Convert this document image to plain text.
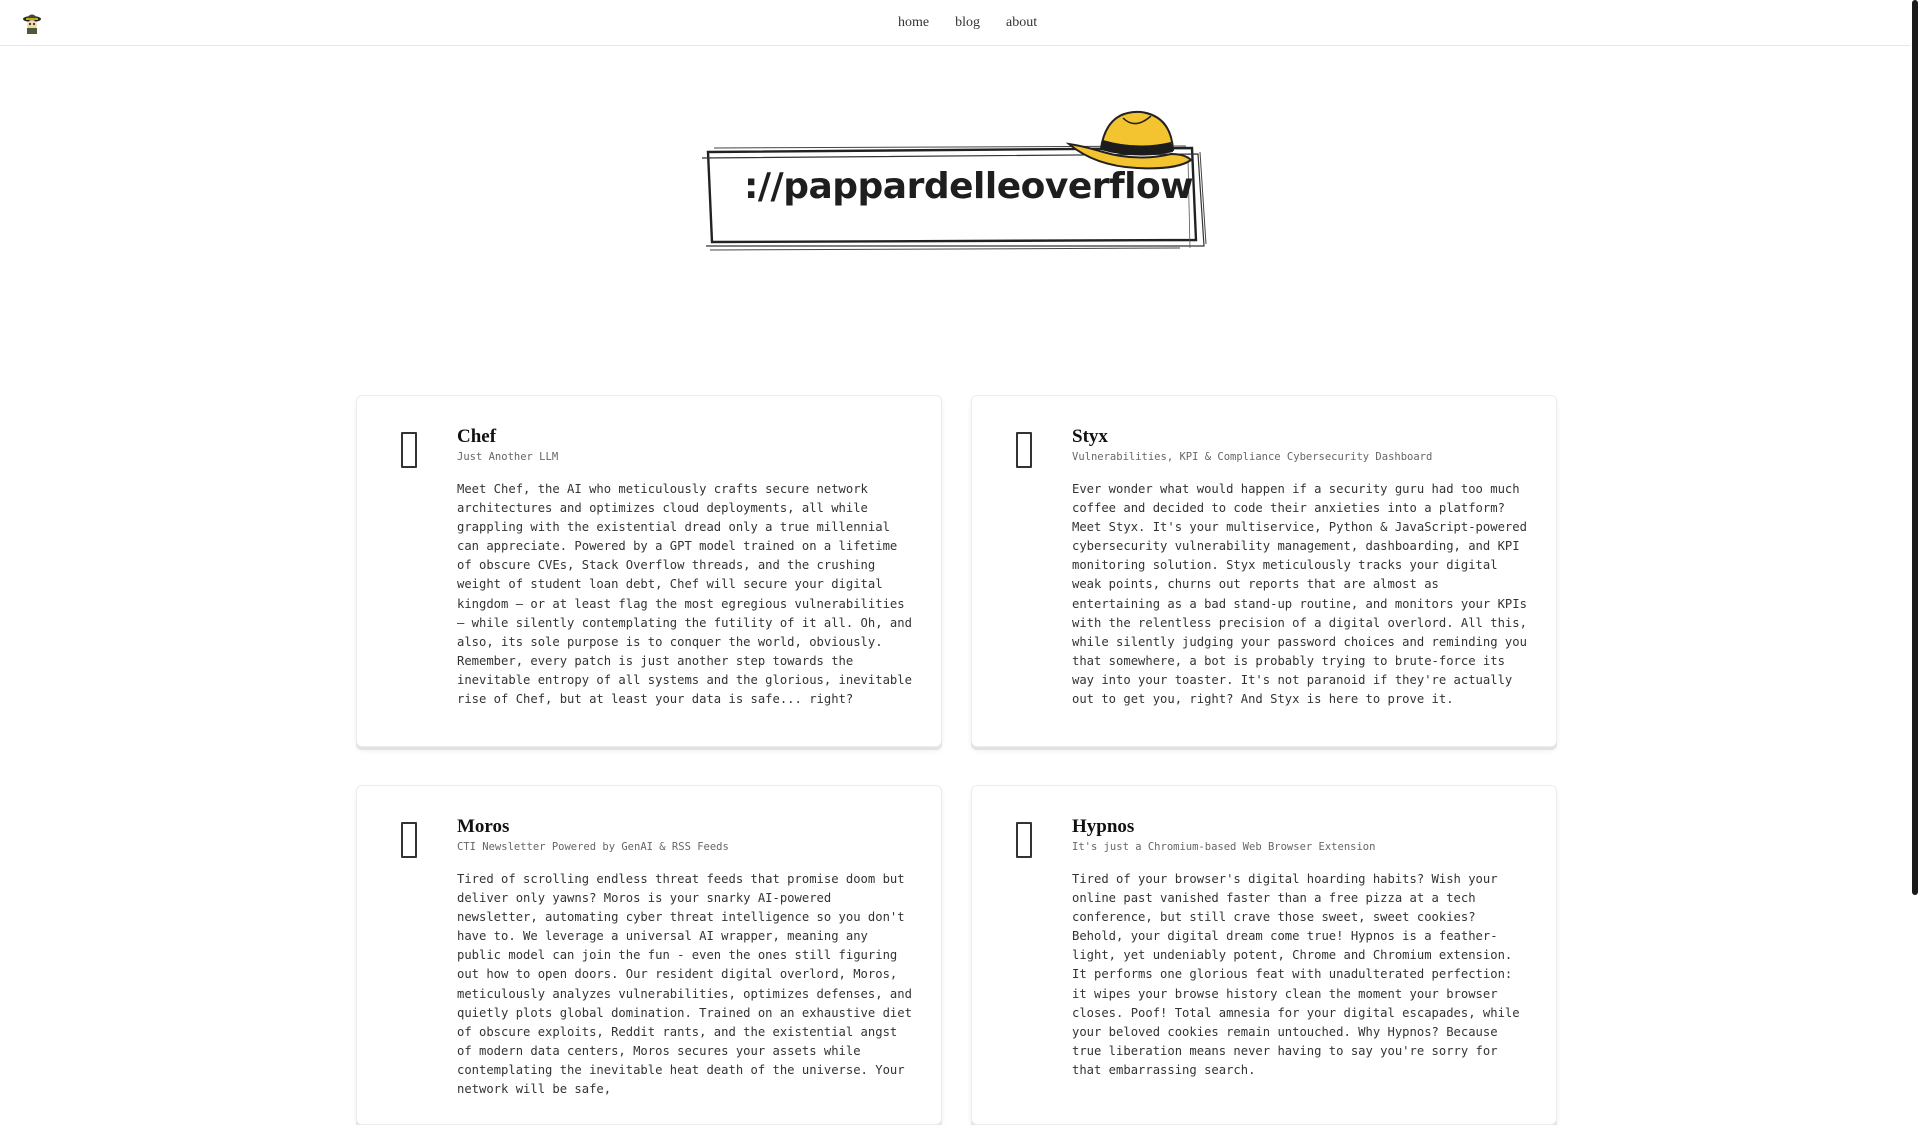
home blog about
://pappardelleoverflow
Chef
Just Another LLM
Meet Chef, the AI who meticulously crafts secure network architectures and optimizes cloud deployments, all while grappling with the existential dread only a true millennial can appreciate. Powered by a GPT model trained on a lifetime of obscure CVEs, Stack Overflow threads, and the crushing weight of student loan debt, Chef will secure your digital kingdom — or at least flag the most egregious vulnerabilities — while silently contemplating the futility of it all. Oh, and also, its sole purpose is to conquer the world, obviously. Remember, every patch is just another step towards the inevitable entropy of all systems and the glorious, inevitable rise of Chef, but at least your data is safe... right?
Styx
Vulnerabilities, KPI & Compliance Cybersecurity Dashboard
Ever wonder what would happen if a security guru had too much coffee and decided to code their anxieties into a platform? Meet Styx. It's your multiservice, Python & JavaScript-powered cybersecurity vulnerability management, dashboarding, and KPI monitoring solution. Styx meticulously tracks your digital weak points, churns out reports that are almost as entertaining as a bad stand-up routine, and monitors your KPIs with the relentless precision of a digital overlord. All this, while silently judging your password choices and reminding you that somewhere, a bot is probably trying to brute-force its way into your toaster. It's not paranoid if they're actually out to get you, right? And Styx is here to prove it.
Moros
CTI Newsletter Powered by GenAI & RSS Feeds
Tired of scrolling endless threat feeds that promise doom but deliver only yawns? Moros is your snarky AI-powered newsletter, automating cyber threat intelligence so you don't have to. We leverage a universal AI wrapper, meaning any public model can join the fun - even the ones still figuring out how to open doors. Our resident digital overlord, Moros, meticulously analyzes vulnerabilities, optimizes defenses, and quietly plots global domination. Trained on an exhaustive diet of obscure exploits, Reddit rants, and the existential angst of modern data centers, Moros secures your assets while contemplating the inevitable heat death of the universe. Your network will be safe,
Hypnos
It's just a Chromium-based Web Browser Extension
Tired of your browser's digital hoarding habits? Wish your online past vanished faster than a free pizza at a tech conference, but still crave those sweet, sweet cookies? Behold, your digital dream come true! Hypnos is a feather-light, yet undeniably potent, Chrome and Chromium extension. It performs one glorious feat with unadulterated perfection: it wipes your browse history clean the moment your browser closes. Poof! Total amnesia for your digital escapades, while your beloved cookies remain untouched. Why Hypnos? Because true liberation means never having to say you're sorry for that embarrassing search.
